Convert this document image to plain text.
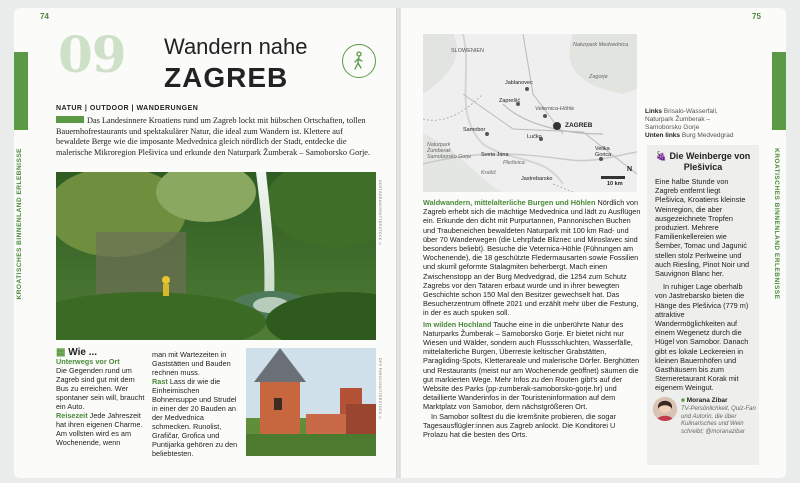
74
KROATISCHES BINNENLAND ERLEBNISSE
09 Wandern nahe
ZAGREB
NATUR | OUTDOOR | WANDERUNGEN
Das Landesinnere Kroatiens rund um Zagreb lockt mit hübschen Ortschaften, tollen Bauernhofrestaurants und spektakulärer Natur, die ideal zum Wandern ist. Klettere auf bewaldete Berge wie die imposante Medvednica gleich nördlich der Stadt, entdecke die malerische Mikroregion Plešivica und erkunde den Naturpark Žumberak – Samoborsko Gorje.
DOSTAGRAM/SHUTTERSTOCK ©
▦ Wie ...
Unterwegs vor Ort
Die Gegenden rund um Zagreb sind gut mit dem Bus zu erreichen. Wer spontaner sein will, braucht ein Auto.
Reisezeit Jede Jahreszeit hat ihren eigenen Charme. Am vollsten wird es am Wochenende, wenn
man mit Wartezeiten in Gaststätten und Bauden rechnen muss.
Rast Lass dir wie die Einheimischen Bohnensuppe und Strudel in einer der 20 Bauden an der Medvednica schmecken. Runolist, Grafičar, Grofica und Puntijarka gehören zu den beliebtesten.
DPS PARIS/SHUTTERSTOCK ©
75
KROATISCHES BINNENLAND ERLEBNISSE
SLOWENIEN
Naturpark Medvednica
Zagorje
Jablanovec
Zaprešić
Veternica-Höhle
Samobor
ZAGREB
Lučko
Velika Gorica
Naturpark Žumberak Samoborsko Gorje	Sveta Jana
Krašić
Jastrebarsko
Plešivica
10 km
N
Links Brisalo-Wasserfall, Naturpark Žumberak – Samoborsko Gorje
Unten links Burg Medvedgrad
Waldwandern, mittelalterliche Burgen und Höhlen Nördlich von Zagreb erhebt sich die mächtige Medvednica und lädt zu Ausflügen ein. Erkunde den dicht mit Purpurtannen, Pannonischen Buchen und Traubeneichen bewaldeten Naturpark mit 100 km Rad- und über 70 Wanderwegen (die Lehrpfade Bliznec und Miroslavec sind besonders beliebt). Besuche die Veternica-Höhle (Führungen am Wochenende), die 18 geschützte Fledermausarten sowie Fossilien und skurril geformte Stalagmiten beherbergt. Mach einen Zwischenstopp an der Burg Medvedgrad, die 1254 zum Schutz Zagrebs vor den Tataren erbaut wurde und in ihrer bewegten Geschichte schon 150 Mal den Besitzer gewechselt hat. Das Besucherzentrum öffnete 2021 und erzählt mehr über die Festung, in der es auch spuken soll.
Im wilden Hochland Tauche eine in die unberührte Natur des Naturparks Žumberak – Samoborsko Gorje. Er bietet nicht nur Wiesen und Wälder, sondern auch Flussschluchten, Wasserfälle, mittelalterliche Burgen, Überreste keltischer Grabstätten, Paragliding-Spots, Kletterareale und malerische Dörfer. Berghütten und Restaurants (meist nur am Wochenende geöffnet) säumen die gut markierten Wege. Mehr Infos zu den Routen gibt's auf der Website des Parks (pp-zumberak-samoborsko-gorje.hr) und detaillierte Wanderinfos in der Touristeninformation auf dem Marktplatz von Samobor, dem nächstgrößeren Ort.
In Samobor solltest du die kremšnite probieren, die sogar Tagesausflügler:innen aus Zagreb anlockt. Die Konditorei U Prolazu hat die besten des Orts.
🍇 Die Weinberge von Plešivica

Eine halbe Stunde von Zagreb entfernt liegt Plešivica, Kroatiens kleinste Weinregion, die aber ausgezeichnete Tropfen produziert. Mehrere Familienkellereien wie Šember, Tomac und Jagunić stellen stolz Perlweine und auch Riesling, Pinot Noir und Sauvignon Blanc her.

In ruhiger Lage oberhalb von Jastrebarsko bieten die Hänge des Plešivica (779 m) attraktive Wandermöglichkeiten auf einem Wegenetz durch die Hügel von Samobor. Danach gibt es lokale Leckereien in kleinen Bauernhöfen und Gasthäusern bis zum Sterneretaurant Korak mit eigenem Weingut.

■ Morana Zibar
TV-Persönlichkeit, Quiz-Fan und Autorin, die über Kulinarisches und Wein schreibt; @moranazibar
